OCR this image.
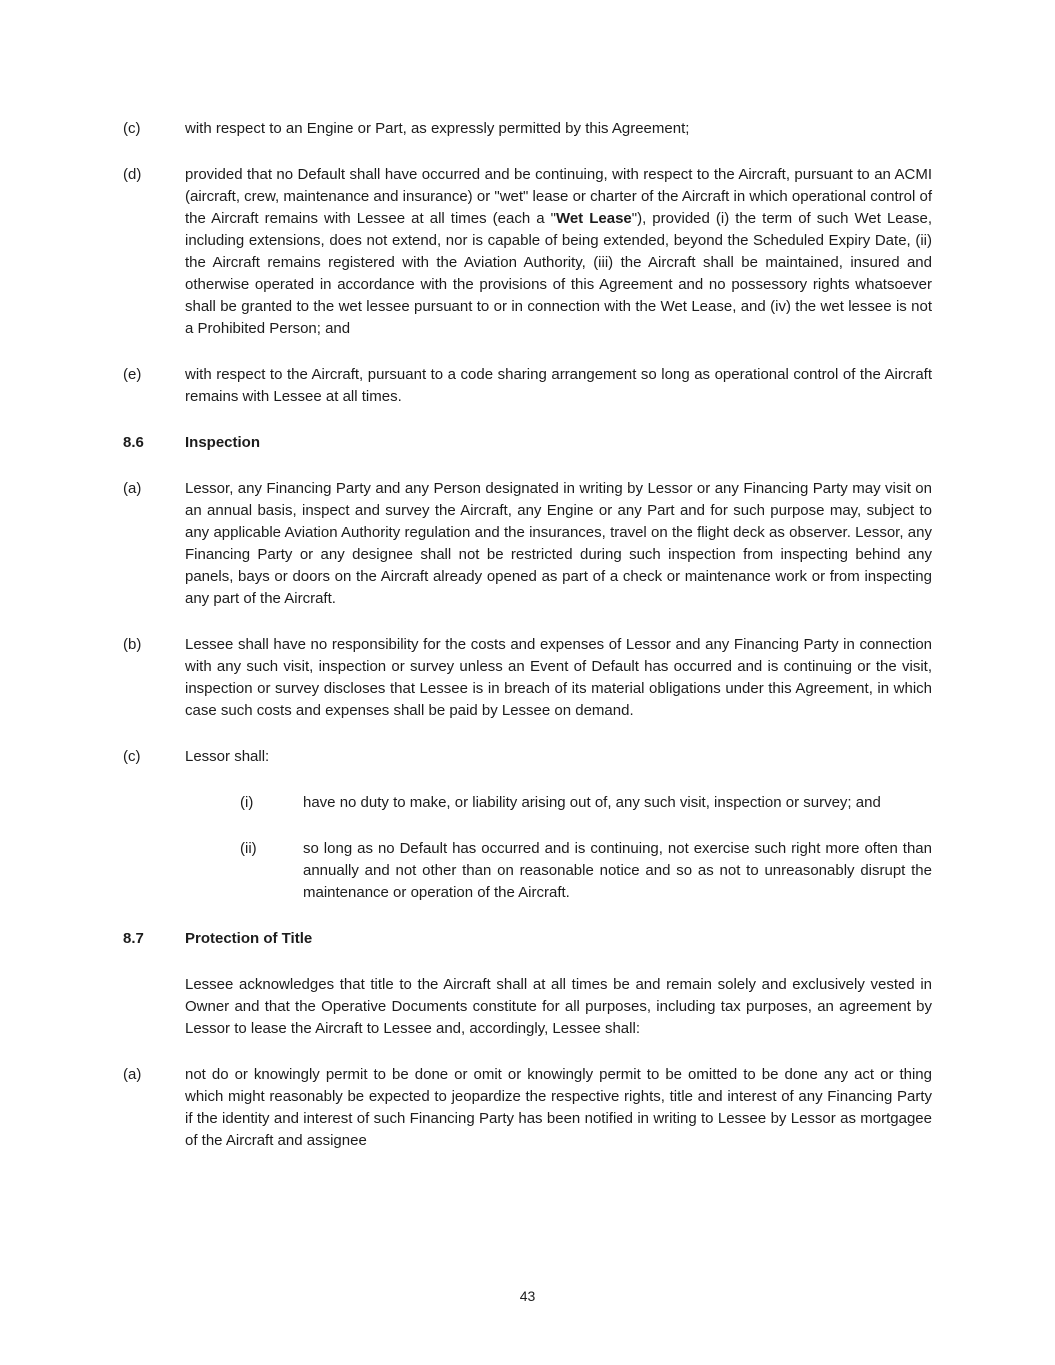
(c)	with respect to an Engine or Part, as expressly permitted by this Agreement;
(d)	provided that no Default shall have occurred and be continuing, with respect to the Aircraft, pursuant to an ACMI (aircraft, crew, maintenance and insurance) or "wet" lease or charter of the Aircraft in which operational control of the Aircraft remains with Lessee at all times (each a "Wet Lease"), provided (i) the term of such Wet Lease, including extensions, does not extend, nor is capable of being extended, beyond the Scheduled Expiry Date, (ii) the Aircraft remains registered with the Aviation Authority, (iii) the Aircraft shall be maintained, insured and otherwise operated in accordance with the provisions of this Agreement and no possessory rights whatsoever shall be granted to the wet lessee pursuant to or in connection with the Wet Lease, and (iv) the wet lessee is not a Prohibited Person; and
(e)	with respect to the Aircraft, pursuant to a code sharing arrangement so long as operational control of the Aircraft remains with Lessee at all times.
8.6	Inspection
(a)	Lessor, any Financing Party and any Person designated in writing by Lessor or any Financing Party may visit on an annual basis, inspect and survey the Aircraft, any Engine or any Part and for such purpose may, subject to any applicable Aviation Authority regulation and the insurances, travel on the flight deck as observer. Lessor, any Financing Party or any designee shall not be restricted during such inspection from inspecting behind any panels, bays or doors on the Aircraft already opened as part of a check or maintenance work or from inspecting any part of the Aircraft.
(b)	Lessee shall have no responsibility for the costs and expenses of Lessor and any Financing Party in connection with any such visit, inspection or survey unless an Event of Default has occurred and is continuing or the visit, inspection or survey discloses that Lessee is in breach of its material obligations under this Agreement, in which case such costs and expenses shall be paid by Lessee on demand.
(c)	Lessor shall:
(i)	have no duty to make, or liability arising out of, any such visit, inspection or survey; and
(ii)	so long as no Default has occurred and is continuing, not exercise such right more often than annually and not other than on reasonable notice and so as not to unreasonably disrupt the maintenance or operation of the Aircraft.
8.7	Protection of Title
Lessee acknowledges that title to the Aircraft shall at all times be and remain solely and exclusively vested in Owner and that the Operative Documents constitute for all purposes, including tax purposes, an agreement by Lessor to lease the Aircraft to Lessee and, accordingly, Lessee shall:
(a)	not do or knowingly permit to be done or omit or knowingly permit to be omitted to be done any act or thing which might reasonably be expected to jeopardize the respective rights, title and interest of any Financing Party if the identity and interest of such Financing Party has been notified in writing to Lessee by Lessor as mortgagee of the Aircraft and assignee
43
